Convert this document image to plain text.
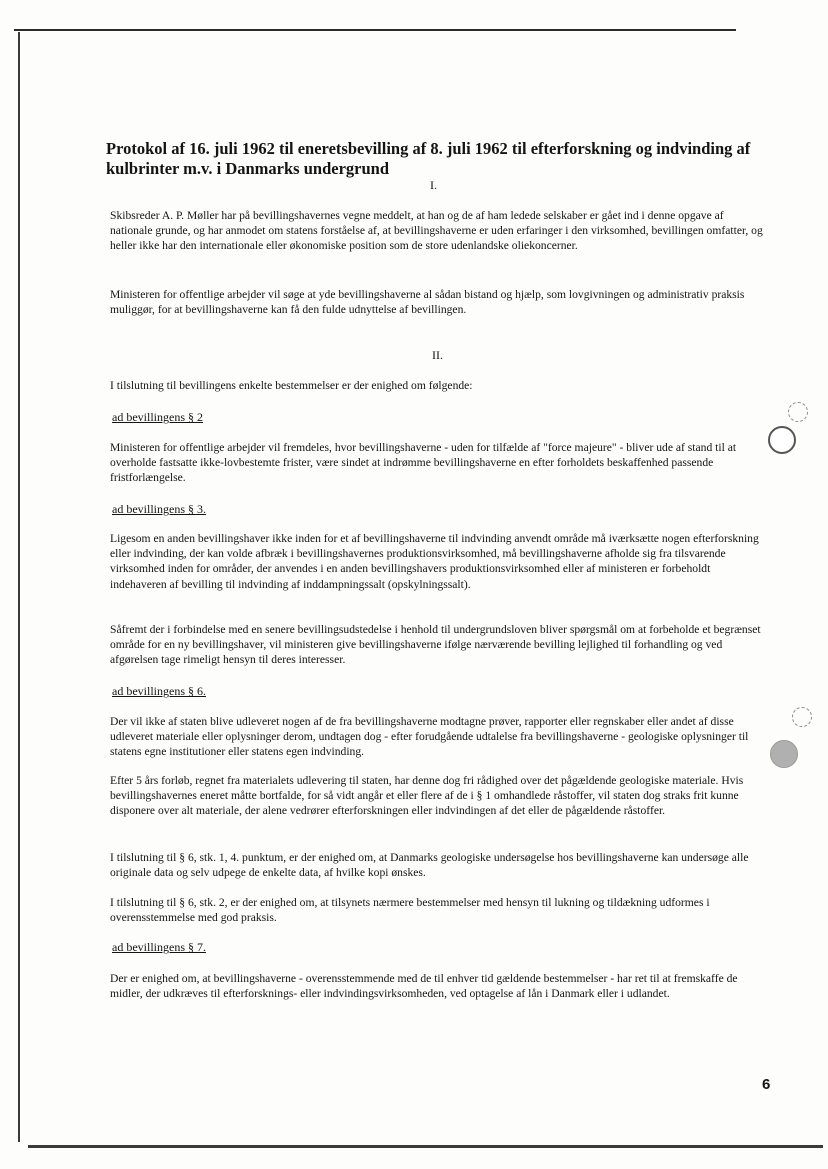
Protokol af 16. juli 1962 til eneretsbevilling af 8. juli 1962 til efterforskning og indvinding af kulbrinter m.v. i Danmarks undergrund
I.

Skibsreder A. P. Møller har på bevillingshavernes vegne meddelt, at han og de af ham ledede selskaber er gået ind i denne opgave af nationale grunde, og har anmodet om statens forståelse af, at bevillingshaverne er uden erfaringer i den virksomhed, bevillingen omfatter, og heller ikke har den internationale eller økonomiske position som de store udenlandske oliekoncerner.

Ministeren for offentlige arbejder vil søge at yde bevillingshaverne al sådan bistand og hjælp, som lovgivningen og administrativ praksis muliggør, for at bevillingshaverne kan få den fulde udnyttelse af bevillingen.

II.

I tilslutning til bevillingens enkelte bestemmelser er der enighed om følgende:

ad bevillingens § 2

Ministeren for offentlige arbejder vil fremdeles, hvor bevillingshaverne - uden for tilfælde af "force majeure" - bliver ude af stand til at overholde fastsatte ikke-lovbestemte frister, være sindet at indrømme bevillingshaverne en efter forholdets beskaffenhed passende fristforlængelse.

ad bevillingens § 3.

Ligesom en anden bevillingshaver ikke inden for et af bevillingshaverne til indvinding anvendt område må iværksætte nogen efterforskning eller indvinding, der kan volde afbræk i bevillingshavernes produktionsvirksomhed, må bevillingshaverne afholde sig fra tilsvarende virksomhed inden for områder, der anvendes i en anden bevillingshavers produktionsvirksomhed eller af ministeren er forbeholdt indehaveren af bevilling til indvinding af inddampningssalt (opskylningssalt).

Såfremt der i forbindelse med en senere bevillingsudstedelse i henhold til undergrundsloven bliver spørgsmål om at forbeholde et begrænset område for en ny bevillingshaver, vil ministeren give bevillingshaverne ifølge nærværende bevilling lejlighed til forhandling og ved afgørelsen tage rimeligt hensyn til deres interesser.

ad bevillingens § 6.

Der vil ikke af staten blive udleveret nogen af de fra bevillingshaverne modtagne prøver, rapporter eller regnskaber eller andet af disse udleveret materiale eller oplysninger derom, undtagen dog - efter forudgående udtalelse fra bevillingshaverne - geologiske oplysninger til statens egne institutioner eller statens egen indvinding.

Efter 5 års forløb, regnet fra materialets udlevering til staten, har denne dog fri rådighed over det pågældende geologiske materiale. Hvis bevillingshavernes eneret måtte bortfalde, for så vidt angår et eller flere af de i § 1 omhandlede råstoffer, vil staten dog straks frit kunne disponere over alt materiale, der alene vedrører efterforskningen eller indvindingen af det eller de pågældende råstoffer.

I tilslutning til § 6, stk. 1, 4. punktum, er der enighed om, at Danmarks geologiske undersøgelse hos bevillingshaverne kan undersøge alle originale data og selv udpege de enkelte data, af hvilke kopi ønskes.

I tilslutning til § 6, stk. 2, er der enighed om, at tilsynets nærmere bestemmelser med hensyn til lukning og tildækning udformes i overensstemmelse med god praksis.

ad bevillingens § 7.

Der er enighed om, at bevillingshaverne - overensstemmende med de til enhver tid gældende bestemmelser - har ret til at fremskaffe de midler, der udkræves til efterforsknings- eller indvindingsvirksomheden, ved optagelse af lån i Danmark eller i udlandet.

6
